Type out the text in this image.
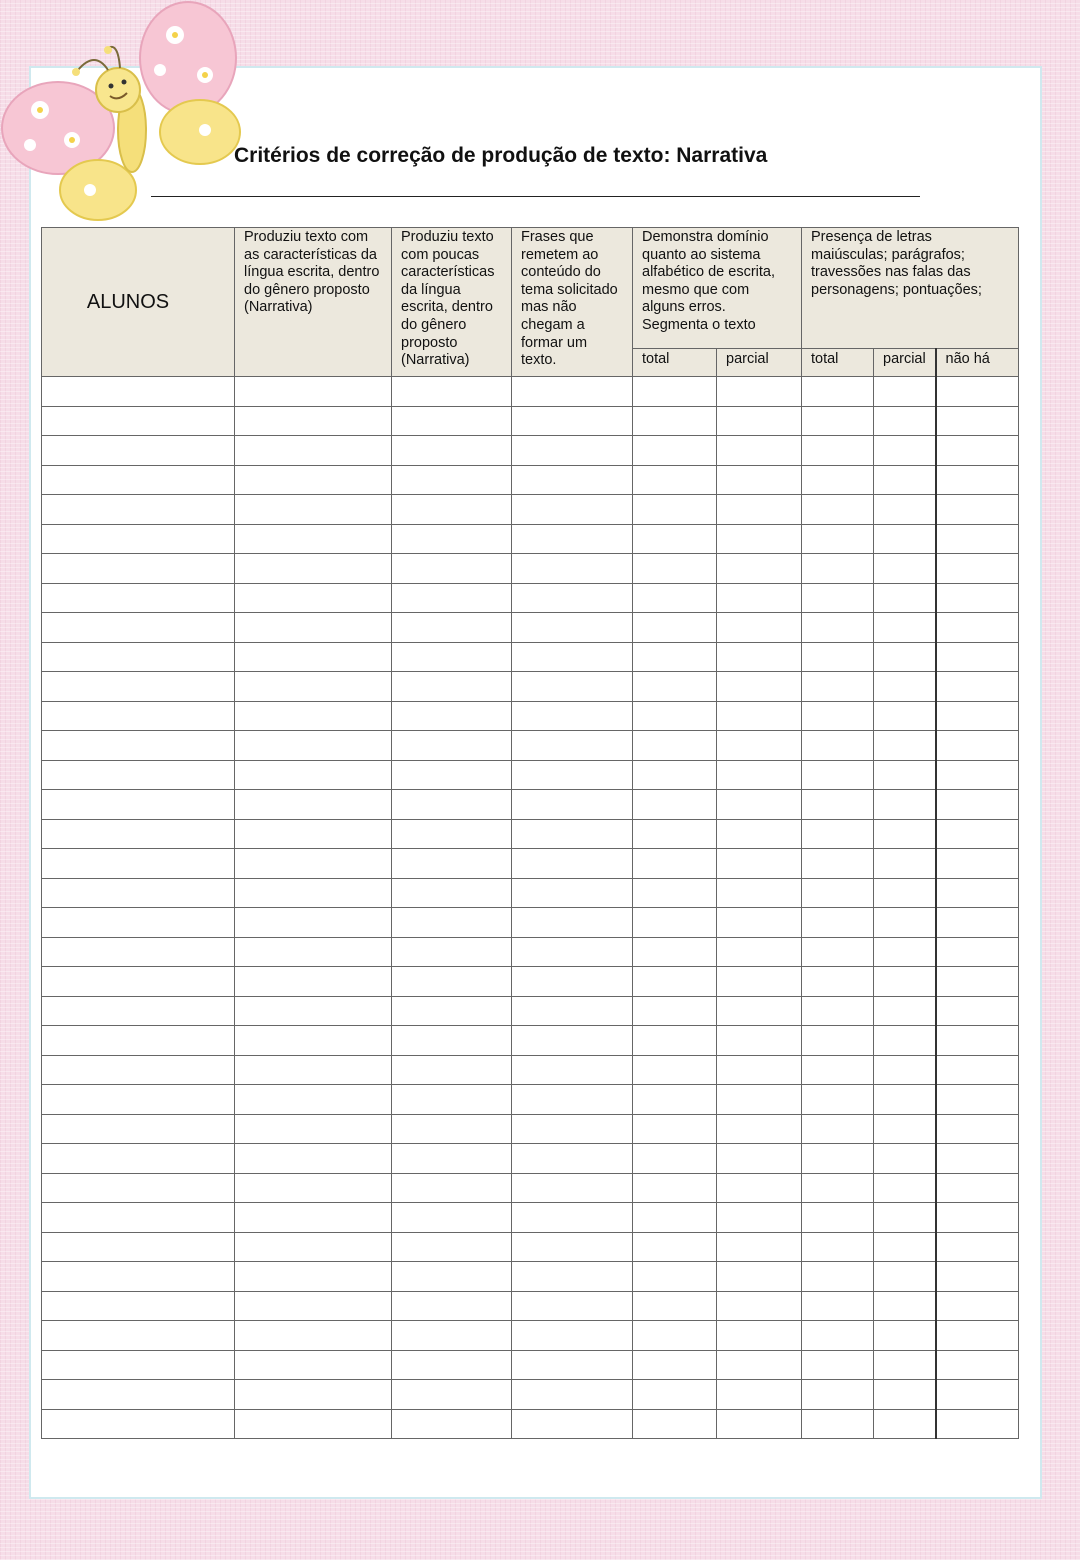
Critérios de correção de produção de texto: Narrativa
ALUNOS	Produziu texto com as características da língua escrita, dentro do gênero proposto (Narrativa)	Produziu texto com poucas características da língua escrita, dentro do gênero proposto (Narrativa)	Frases que remetem ao conteúdo do tema solicitado mas não chegam a formar um texto.	Demonstra domínio quanto ao sistema alfabético de escrita, mesmo que com alguns erros. Segmenta o texto		Presença de letras maiúsculas; parágrafos; travessões nas falas das personagens; pontuações;		
				total	parcial	total	parcial	não há
